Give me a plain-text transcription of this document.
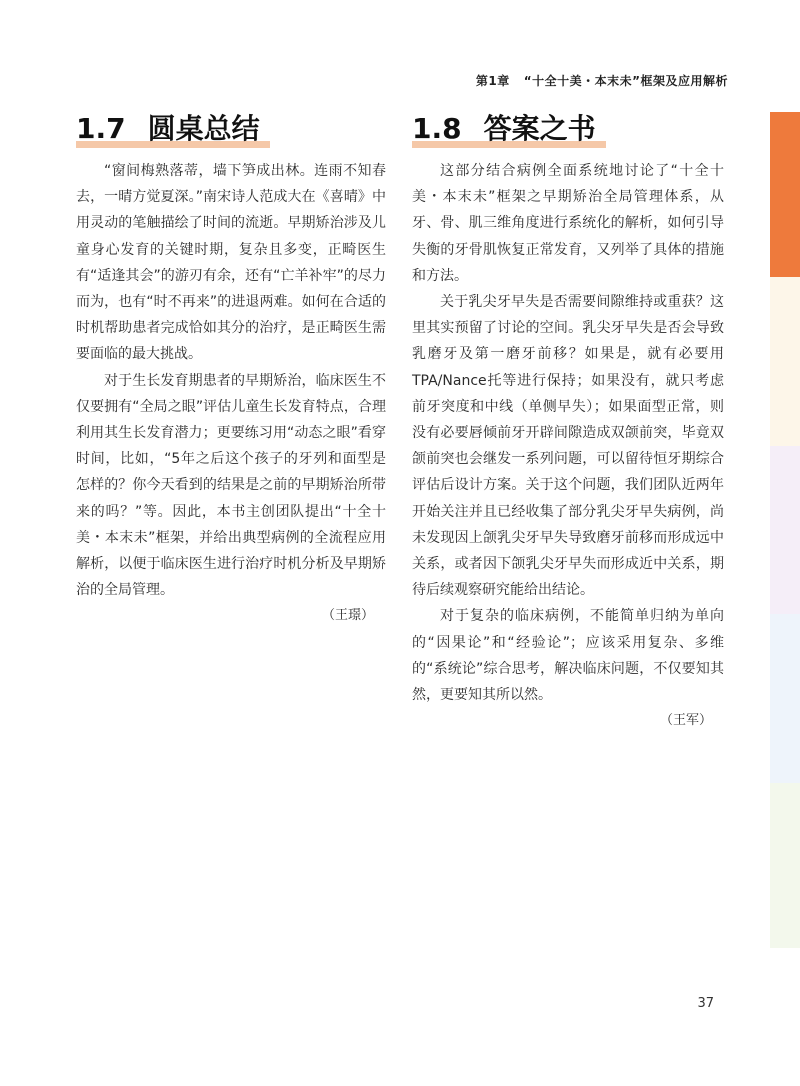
第1章 “十全十美・本末未”框架及应用解析
1.7 圆桌总结

“窗间梅熟落蒂，墙下笋成出林。连雨不知春去，一晴方觉夏深。”南宋诗人范成大在《喜晴》中用灵动的笔触描绘了时间的流逝。早期矫治涉及儿童身心发育的关键时期，复杂且多变，正畸医生有“适逢其会”的游刃有余，还有“亡羊补牢”的尽力而为，也有“时不再来”的进退两难。如何在合适的时机帮助患者完成恰如其分的治疗，是正畸医生需要面临的最大挑战。

对于生长发育期患者的早期矫治，临床医生不仅要拥有“全局之眼”评估儿童生长发育特点，合理利用其生长发育潜力；更要练习用“动态之眼”看穿时间，比如，“5年之后这个孩子的牙列和面型是怎样的？你今天看到的结果是之前的早期矫治所带来的吗？”等。因此，本书主创团队提出“十全十美・本末未”框架，并给出典型病例的全流程应用解析，以便于临床医生进行治疗时机分析及早期矫治的全局管理。

（王璟）

1.8 答案之书

这部分结合病例全面系统地讨论了“十全十美・本末未”框架之早期矫治全局管理体系，从牙、骨、肌三维角度进行系统化的解析，如何引导失衡的牙骨肌恢复正常发育，又列举了具体的措施和方法。

关于乳尖牙早失是否需要间隙维持或重获？这里其实预留了讨论的空间。乳尖牙早失是否会导致乳磨牙及第一磨牙前移？如果是，就有必要用TPA/Nance托等进行保持；如果没有，就只考虑前牙突度和中线（单侧早失）；如果面型正常，则没有必要唇倾前牙开辟间隙造成双颌前突，毕竟双颌前突也会继发一系列问题，可以留待恒牙期综合评估后设计方案。关于这个问题，我们团队近两年开始关注并且已经收集了部分乳尖牙早失病例，尚未发现因上颌乳尖牙早失导致磨牙前移而形成远中关系，或者因下颌乳尖牙早失而形成近中关系，期待后续观察研究能给出结论。

对于复杂的临床病例，不能简单归纳为单向的“因果论”和“经验论”；应该采用复杂、多维的“系统论”综合思考，解决临床问题，不仅要知其然，更要知其所以然。

（王军）

37
